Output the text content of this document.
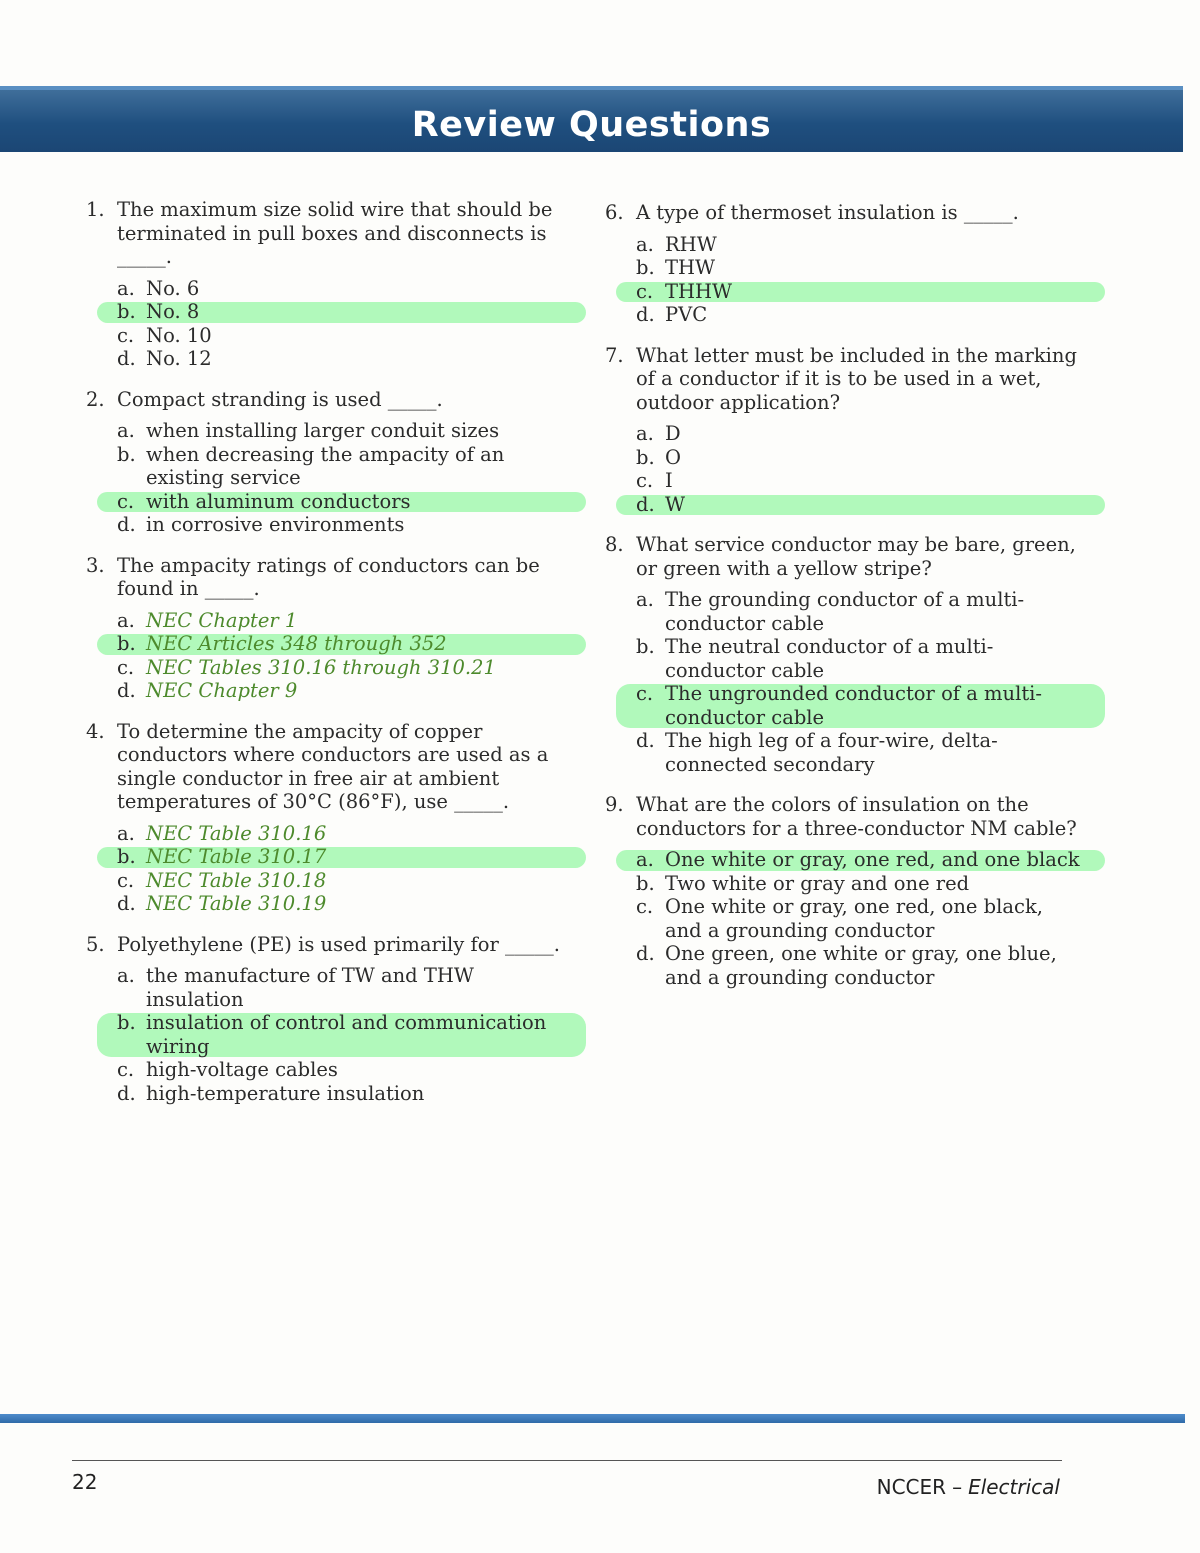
Review Questions
1. The maximum size solid wire that should be terminated in pull boxes and disconnects is _____.
a. No. 6
b. No. 8
c. No. 10
d. No. 12
2. Compact stranding is used _____.
a. when installing larger conduit sizes
b. when decreasing the ampacity of an existing service
c. with aluminum conductors
d. in corrosive environments
3. The ampacity ratings of conductors can be found in _____.
a. NEC Chapter 1
b. NEC Articles 348 through 352
c. NEC Tables 310.16 through 310.21
d. NEC Chapter 9
4. To determine the ampacity of copper conductors where conductors are used as a single conductor in free air at ambient temperatures of 30°C (86°F), use _____.
a. NEC Table 310.16
b. NEC Table 310.17
c. NEC Table 310.18
d. NEC Table 310.19
5. Polyethylene (PE) is used primarily for _____.
a. the manufacture of TW and THW insulation
b. insulation of control and communication wiring
c. high-voltage cables
d. high-temperature insulation
6. A type of thermoset insulation is _____.
a. RHW
b. THW
c. THHW
d. PVC
7. What letter must be included in the marking of a conductor if it is to be used in a wet, outdoor application?
a. D
b. O
c. I
d. W
8. What service conductor may be bare, green, or green with a yellow stripe?
a. The grounding conductor of a multi-conductor cable
b. The neutral conductor of a multi-conductor cable
c. The ungrounded conductor of a multi-conductor cable
d. The high leg of a four-wire, delta-connected secondary
9. What are the colors of insulation on the conductors for a three-conductor NM cable?
a. One white or gray, one red, and one black
b. Two white or gray and one red
c. One white or gray, one red, one black, and a grounding conductor
d. One green, one white or gray, one blue, and a grounding conductor
22	NCCER – Electrical
